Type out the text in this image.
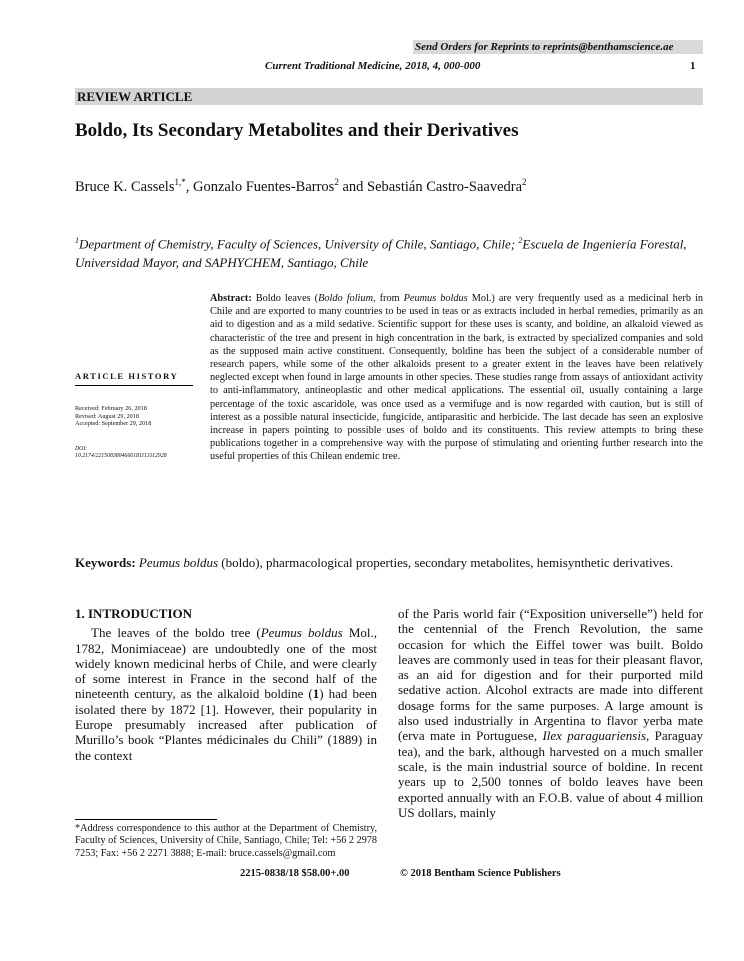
Send Orders for Reprints to reprints@benthamscience.ae
Current Traditional Medicine, 2018, 4, 000-000	1
REVIEW ARTICLE
Boldo, Its Secondary Metabolites and their Derivatives
Bruce K. Cassels$^{1,*}$, Gonzalo Fuentes-Barros$^2$ and Sebastián Castro-Saavedra$^2$
$^1$Department of Chemistry, Faculty of Sciences, University of Chile, Santiago, Chile; $^2$Escuela de Ingeniería Forestal, Universidad Mayor, and SAPHYCHEM, Santiago, Chile
Abstract: Boldo leaves (Boldo folium, from Peumus boldus Mol.) are very frequently used as a medicinal herb in Chile and are exported to many countries to be used in teas or as extracts included in herbal remedies, primarily as an aid to digestion and as a mild sedative. Scientific support for these uses is scanty, and boldine, an alkaloid viewed as characteristic of the tree and present in high concentration in the bark, is extracted by specialized companies and sold as the supposed main active constituent. Consequently, boldine has been the subject of a considerable number of research papers, while some of the other alkaloids present to a greater extent in the leaves have been relatively neglected except when found in large amounts in other species. These studies range from assays of antioxidant activity to anti-inflammatory, antineoplastic and other medical applications. The essential oil, usually containing a large percentage of the toxic ascaridole, was once used as a vermifuge and is now regarded with caution, but is still of interest as a possible natural insecticide, fungicide, antiparasitic and herbicide. The last decade has seen an explosive increase in papers pointing to possible uses of boldo and its constituents. This review attempts to bring these publications together in a comprehensive way with the purpose of stimulating and orienting further research into the useful properties of this Chilean endemic tree.
ARTICLE HISTORY
Received: February 26, 2018
Revised: August 29, 2018
Accepted: September 29, 2018
DOI:
10.2174/2215083804666181113112928
Keywords: Peumus boldus (boldo), pharmacological properties, secondary metabolites, hemisynthetic derivatives.
1. INTRODUCTION

The leaves of the boldo tree (Peumus boldus Mol., 1782, Monimiaceae) are undoubtedly one of the most widely known medicinal herbs of Chile, and were clearly of some interest in France in the second half of the nineteenth century, as the alkaloid boldine (1) had been isolated there by 1872 [1]. However, their popularity in Europe presumably increased after publication of Murillo’s book “Plantes médicinales du Chili” (1889) in the context

of the Paris world fair (“Exposition universelle”) held for the centennial of the French Revolution, the same occasion for which the Eiffel tower was built. Boldo leaves are commonly used in teas for their pleasant flavor, as an aid for digestion and for their purported mild sedative action. Alcohol extracts are made into different dosage forms for the same purposes. A large amount is also used industrially in Argentina to flavor yerba mate (erva mate in Portuguese, Ilex paraguariensis, Paraguay tea), and the bark, although harvested on a much smaller scale, is the main industrial source of boldine. In recent years up to 2,500 tonnes of boldo leaves have been exported annually with an F.O.B. value of about 4 million US dollars, mainly

*Address correspondence to this author at the Department of Chemistry, Faculty of Sciences, University of Chile, Santiago, Chile; Tel: +56 2 2978 7253; Fax: +56 2 2271 3888; E-mail: bruce.cassels@gmail.com
2215-0838/18 $58.00+.00	© 2018 Bentham Science Publishers
